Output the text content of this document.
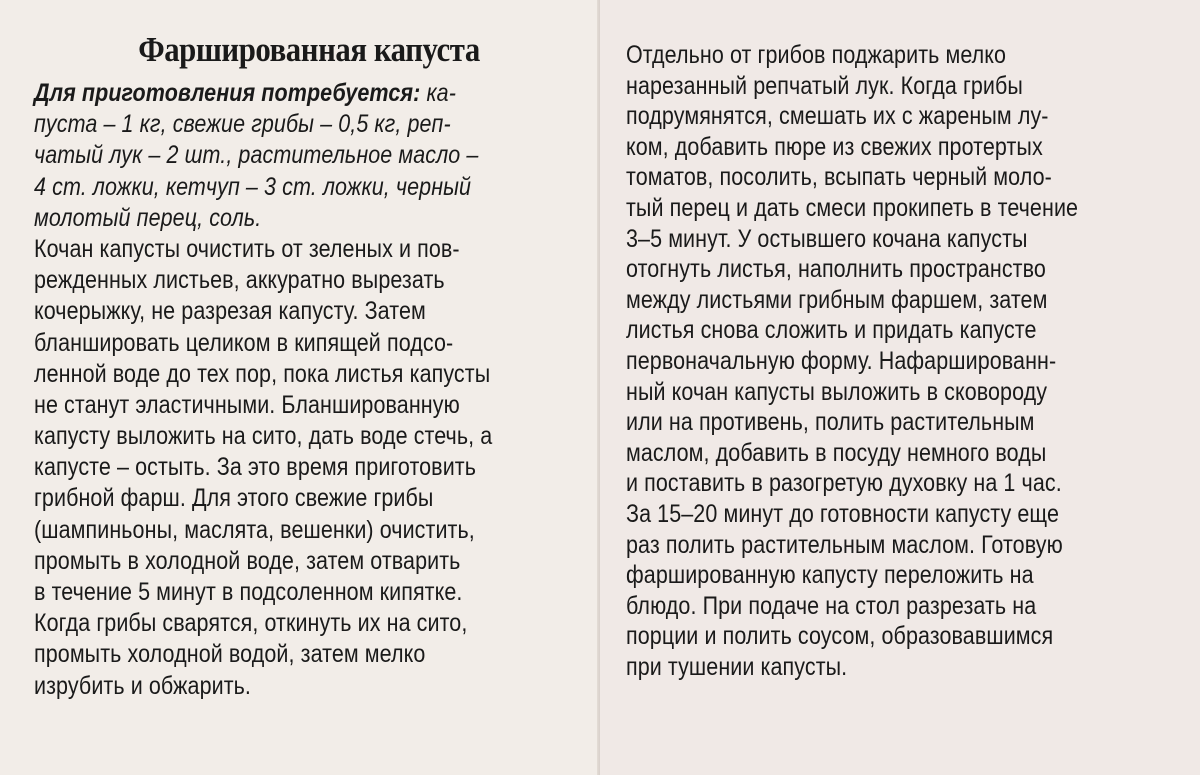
Фаршированная капуста
Для приготовления потребуется: ка-
пуста – 1 кг, свежие грибы – 0,5 кг, реп-
чатый лук – 2 шт., растительное масло –
4 ст. ложки, кетчуп – 3 ст. ложки, черный
молотый перец, соль.
Кочан капусты очистить от зеленых и пов-
режденных листьев, аккуратно вырезать
кочерыжку, не разрезая капусту. Затем
бланшировать целиком в кипящей подсо-
ленной воде до тех пор, пока листья капусты
не станут эластичными. Бланшированную
капусту выложить на сито, дать воде стечь, а
капусте – остыть. За это время приготовить
грибной фарш. Для этого свежие грибы
(шампиньоны, маслята, вешенки) очистить,
промыть в холодной воде, затем отварить
в течение 5 минут в подсоленном кипятке.
Когда грибы сварятся, откинуть их на сито,
промыть холодной водой, затем мелко
изрубить и обжарить.
Отдельно от грибов поджарить мелко
нарезанный репчатый лук. Когда грибы
подрумянятся, смешать их с жареным лу-
ком, добавить пюре из свежих протертых
томатов, посолить, всыпать черный моло-
тый перец и дать смеси прокипеть в течение
3–5 минут. У остывшего кочана капусты
отогнуть листья, наполнить пространство
между листьями грибным фаршем, затем
листья снова сложить и придать капусте
первоначальную форму. Нафаршированн-
ный кочан капусты выложить в сковороду
или на противень, полить растительным
маслом, добавить в посуду немного воды
и поставить в разогретую духовку на 1 час.
За 15–20 минут до готовности капусту еще
раз полить растительным маслом. Готовую
фаршированную капусту переложить на
блюдо. При подаче на стол разрезать на
порции и полить соусом, образовавшимся
при тушении капусты.
